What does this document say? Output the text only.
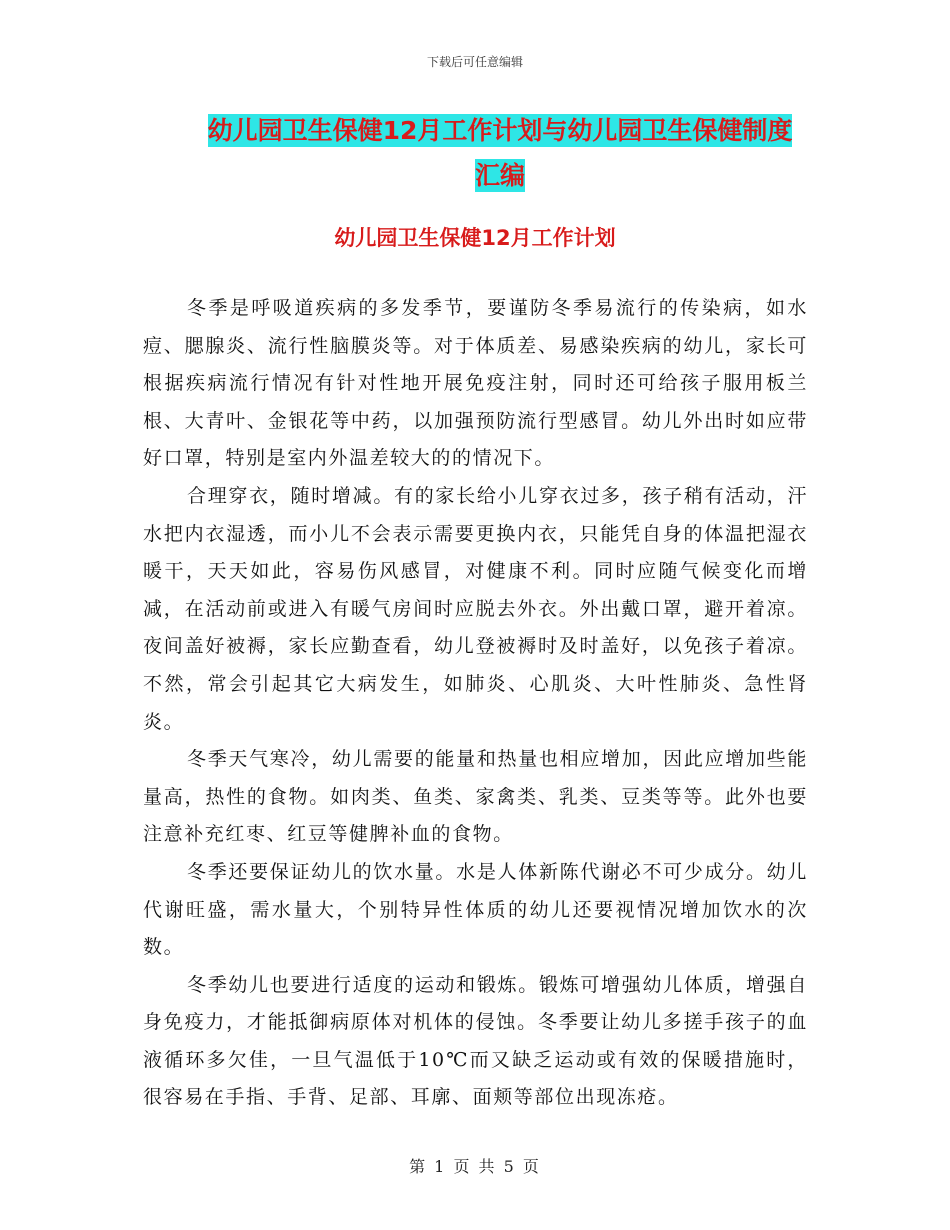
下载后可任意编辑
幼儿园卫生保健12月工作计划与幼儿园卫生保健制度
汇编
幼儿园卫生保健12月工作计划

冬季是呼吸道疾病的多发季节，要谨防冬季易流行的传染病，如水痘、腮腺炎、流行性脑膜炎等。对于体质差、易感染疾病的幼儿，家长可根据疾病流行情况有针对性地开展免疫注射，同时还可给孩子服用板兰根、大青叶、金银花等中药，以加强预防流行型感冒。幼儿外出时如应带好口罩，特别是室内外温差较大的的情况下。

合理穿衣，随时增减。有的家长给小儿穿衣过多，孩子稍有活动，汗水把内衣湿透，而小儿不会表示需要更换内衣，只能凭自身的体温把湿衣暖干，天天如此，容易伤风感冒，对健康不利。同时应随气候变化而增减，在活动前或进入有暖气房间时应脱去外衣。外出戴口罩，避开着凉。夜间盖好被褥，家长应勤查看，幼儿登被褥时及时盖好，以免孩子着凉。不然，常会引起其它大病发生，如肺炎、心肌炎、大叶性肺炎、急性肾炎。

冬季天气寒冷，幼儿需要的能量和热量也相应增加，因此应增加些能量高，热性的食物。如肉类、鱼类、家禽类、乳类、豆类等等。此外也要注意补充红枣、红豆等健脾补血的食物。

冬季还要保证幼儿的饮水量。水是人体新陈代谢必不可少成分。幼儿代谢旺盛，需水量大，个别特异性体质的幼儿还要视情况增加饮水的次数。

冬季幼儿也要进行适度的运动和锻炼。锻炼可增强幼儿体质，增强自身免疫力，才能抵御病原体对机体的侵蚀。冬季要让幼儿多搓手孩子的血液循环多欠佳，一旦气温低于10℃而又缺乏运动或有效的保暖措施时，很容易在手指、手背、足部、耳廓、面颊等部位出现冻疮。

第 1 页 共 5 页
